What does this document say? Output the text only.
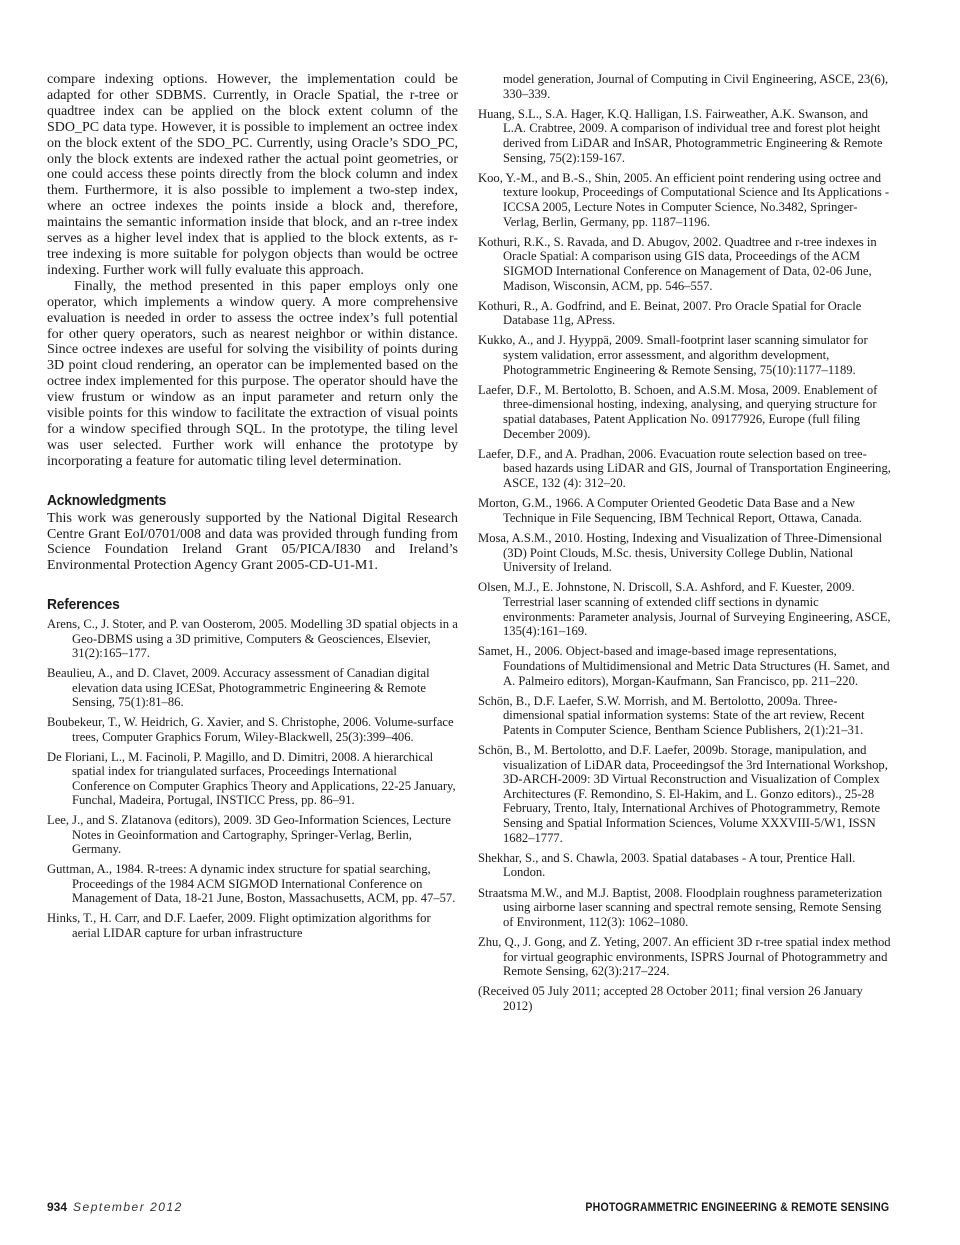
compare indexing options. However, the implementation could be adapted for other SDBMS. Currently, in Oracle Spatial, the r-tree or quadtree index can be applied on the block extent column of the SDO_PC data type. However, it is possible to implement an octree index on the block extent of the SDO_PC. Currently, using Oracle’s SDO_PC, only the block extents are indexed rather the actual point geometries, or one could access these points directly from the block column and index them. Furthermore, it is also possible to implement a two-step index, where an octree indexes the points inside a block and, therefore, maintains the semantic information inside that block, and an r-tree index serves as a higher level index that is applied to the block extents, as r-tree indexing is more suitable for polygon objects than would be octree indexing. Further work will fully evaluate this approach.

Finally, the method presented in this paper employs only one operator, which implements a window query. A more comprehensive evaluation is needed in order to assess the octree index’s full potential for other query operators, such as nearest neighbor or within distance. Since octree indexes are useful for solving the visibility of points during 3D point cloud rendering, an operator can be implemented based on the octree index implemented for this purpose. The operator should have the view frustum or window as an input parameter and return only the visible points for this window to facilitate the extraction of visual points for a window specified through SQL. In the prototype, the tiling level was user selected. Further work will enhance the prototype by incorporating a feature for automatic tiling level determination.

Acknowledgments

This work was generously supported by the National Digital Research Centre Grant EoI/0701/008 and data was provided through funding from Science Foundation Ireland Grant 05/PICA/I830 and Ireland’s Environmental Protection Agency Grant 2005-CD-U1-M1.

References
Arens, C., J. Stoter, and P. van Oosterom, 2005. Modelling 3D spatial objects in a Geo-DBMS using a 3D primitive, Computers & Geosciences, Elsevier, 31(2):165–177.
Beaulieu, A., and D. Clavet, 2009. Accuracy assessment of Canadian digital elevation data using ICESat, Photogrammetric Engineering & Remote Sensing, 75(1):81–86.
Boubekeur, T., W. Heidrich, G. Xavier, and S. Christophe, 2006. Volume-surface trees, Computer Graphics Forum, Wiley-Blackwell, 25(3):399–406.
De Floriani, L., M. Facinoli, P. Magillo, and D. Dimitri, 2008. A hierarchical spatial index for triangulated surfaces, Proceedings International Conference on Computer Graphics Theory and Applications, 22-25 January, Funchal, Madeira, Portugal, INSTICC Press, pp. 86–91.
Lee, J., and S. Zlatanova (editors), 2009. 3D Geo-Information Sciences, Lecture Notes in Geoinformation and Cartography, Springer-Verlag, Berlin, Germany.
Guttman, A., 1984. R-trees: A dynamic index structure for spatial searching, Proceedings of the 1984 ACM SIGMOD International Conference on Management of Data, 18-21 June, Boston, Massachusetts, ACM, pp. 47–57.
Hinks, T., H. Carr, and D.F. Laefer, 2009. Flight optimization algorithms for aerial LIDAR capture for urban infrastructure
model generation, Journal of Computing in Civil Engineering, ASCE, 23(6), 330–339.
Huang, S.L., S.A. Hager, K.Q. Halligan, I.S. Fairweather, A.K. Swanson, and L.A. Crabtree, 2009. A comparison of individual tree and forest plot height derived from LiDAR and InSAR, Photogrammetric Engineering & Remote Sensing, 75(2):159-167.
Koo, Y.-M., and B.-S., Shin, 2005. An efficient point rendering using octree and texture lookup, Proceedings of Computational Science and Its Applications - ICCSA 2005, Lecture Notes in Computer Science, No.3482, Springer-Verlag, Berlin, Germany, pp. 1187–1196.
Kothuri, R.K., S. Ravada, and D. Abugov, 2002. Quadtree and r-tree indexes in Oracle Spatial: A comparison using GIS data, Proceedings of the ACM SIGMOD International Conference on Management of Data, 02-06 June, Madison, Wisconsin, ACM, pp. 546–557.
Kothuri, R., A. Godfrind, and E. Beinat, 2007. Pro Oracle Spatial for Oracle Database 11g, APress.
Kukko, A., and J. Hyyppä, 2009. Small-footprint laser scanning simulator for system validation, error assessment, and algorithm development, Photogrammetric Engineering & Remote Sensing, 75(10):1177–1189.
Laefer, D.F., M. Bertolotto, B. Schoen, and A.S.M. Mosa, 2009. Enablement of three-dimensional hosting, indexing, analysing, and querying structure for spatial databases, Patent Application No. 09177926, Europe (full filing December 2009).
Laefer, D.F., and A. Pradhan, 2006. Evacuation route selection based on tree-based hazards using LiDAR and GIS, Journal of Transportation Engineering, ASCE, 132 (4): 312–20.
Morton, G.M., 1966. A Computer Oriented Geodetic Data Base and a New Technique in File Sequencing, IBM Technical Report, Ottawa, Canada.
Mosa, A.S.M., 2010. Hosting, Indexing and Visualization of Three-Dimensional (3D) Point Clouds, M.Sc. thesis, University College Dublin, National University of Ireland.
Olsen, M.J., E. Johnstone, N. Driscoll, S.A. Ashford, and F. Kuester, 2009. Terrestrial laser scanning of extended cliff sections in dynamic environments: Parameter analysis, Journal of Surveying Engineering, ASCE, 135(4):161–169.
Samet, H., 2006. Object-based and image-based image representations, Foundations of Multidimensional and Metric Data Structures (H. Samet, and A. Palmeiro editors), Morgan-Kaufmann, San Francisco, pp. 211–220.
Schön, B., D.F. Laefer, S.W. Morrish, and M. Bertolotto, 2009a. Three-dimensional spatial information systems: State of the art review, Recent Patents in Computer Science, Bentham Science Publishers, 2(1):21–31.
Schön, B., M. Bertolotto, and D.F. Laefer, 2009b. Storage, manipulation, and visualization of LiDAR data, Proceedingsof the 3rd International Workshop, 3D-ARCH-2009: 3D Virtual Reconstruction and Visualization of Complex Architectures (F. Remondino, S. El-Hakim, and L. Gonzo editors)., 25-28 February, Trento, Italy, International Archives of Photogrammetry, Remote Sensing and Spatial Information Sciences, Volume XXXVIII-5/W1, ISSN 1682–1777.
Shekhar, S., and S. Chawla, 2003. Spatial databases - A tour, Prentice Hall. London.
Straatsma M.W., and M.J. Baptist, 2008. Floodplain roughness parameterization using airborne laser scanning and spectral remote sensing, Remote Sensing of Environment, 112(3): 1062–1080.
Zhu, Q., J. Gong, and Z. Yeting, 2007. An efficient 3D r-tree spatial index method for virtual geographic environments, ISPRS Journal of Photogrammetry and Remote Sensing, 62(3):217–224.

(Received 05 July 2011; accepted 28 October 2011; final version 26 January 2012)

934 September 2012	PHOTOGRAMMETRIC ENGINEERING & REMOTE SENSING
